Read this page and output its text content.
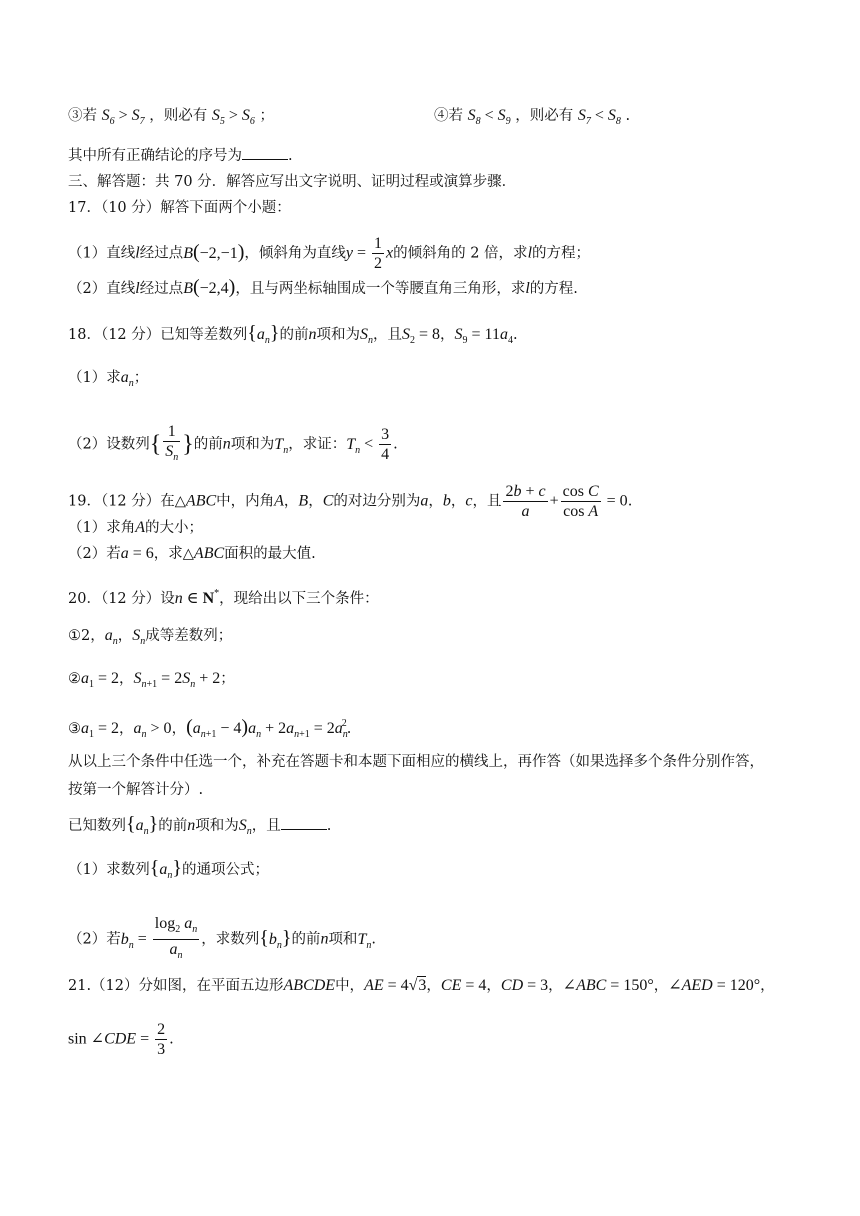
③若 $S_6 > S_7$ ，则必有 $S_5 > S_6$ ；	④若 $S_8 < S_9$ ，则必有 $S_7 < S_8$ .
其中所有正确结论的序号为	.
三、解答题：共 70 分．解答应写出文字说明、证明过程或演算步骤．
17．（10 分）解答下面两个小题：
（1）直线l经过点B(−2,−1)，倾斜角为直线$y = \frac{1}{2}$ x的倾斜角的 2 倍，求l的方程；
（2）直线l经过点B(−2,4)，且与两坐标轴围成一个等腰直角三角形，求l的方程.
18．（12 分）已知等差数列$\{a_n\}$的前n项和为$S_n$，且$S_2 = 8$，$S_9 = 11a_4$.
（1）求$a_n$；
（2）设数列{ $\frac{1}{S_n}$ }的前n项和为$T_n$，求证：$T_n < \frac{3}{4}$ .
19．（12 分）在△ABC中，内角A，B，C的对边分别为a，b，c，且 $\frac{2b + c}{a} + \frac{\text{cos C}}{\text{cos A}} = 0$.
（1）求角A的大小；
（2）若a = 6，求△ABC面积的最大值.
20．（12 分）设n ∈ N*，现给出以下三个条件：
①2，$a_n$，$S_n$成等差数列；
$②a_1 = 2$，$S_{n+1} = 2S_n + 2$；
$③a_1 = 2$，$a_n > 0$，$(a_{n+1} - 4)a_n + 2a_{n+1} = 2a_n^2$.
从以上三个条件中任选一个，补充在答题卡和本题下面相应的横线上，再作答（如果选择多个条件分别作答，
按第一个解答计分）.
已知数列$\{a_n\}$的前n项和为$S_n$，且	.
（1）求数列$\{a_n\}$的通项公式；
（2）若$b_n = \frac{\log_2 a_n}{a_n}$ ，求数列$\{b_n\}$的前n项和$T_n$.
21.（12）分如图，在平面五边形ABCDE中，AE = 4√3，CE = 4，CD = 3，∠ABC = 150°，∠AED = 120°，
sin ∠CDE = $\frac{2}{3}$ .
